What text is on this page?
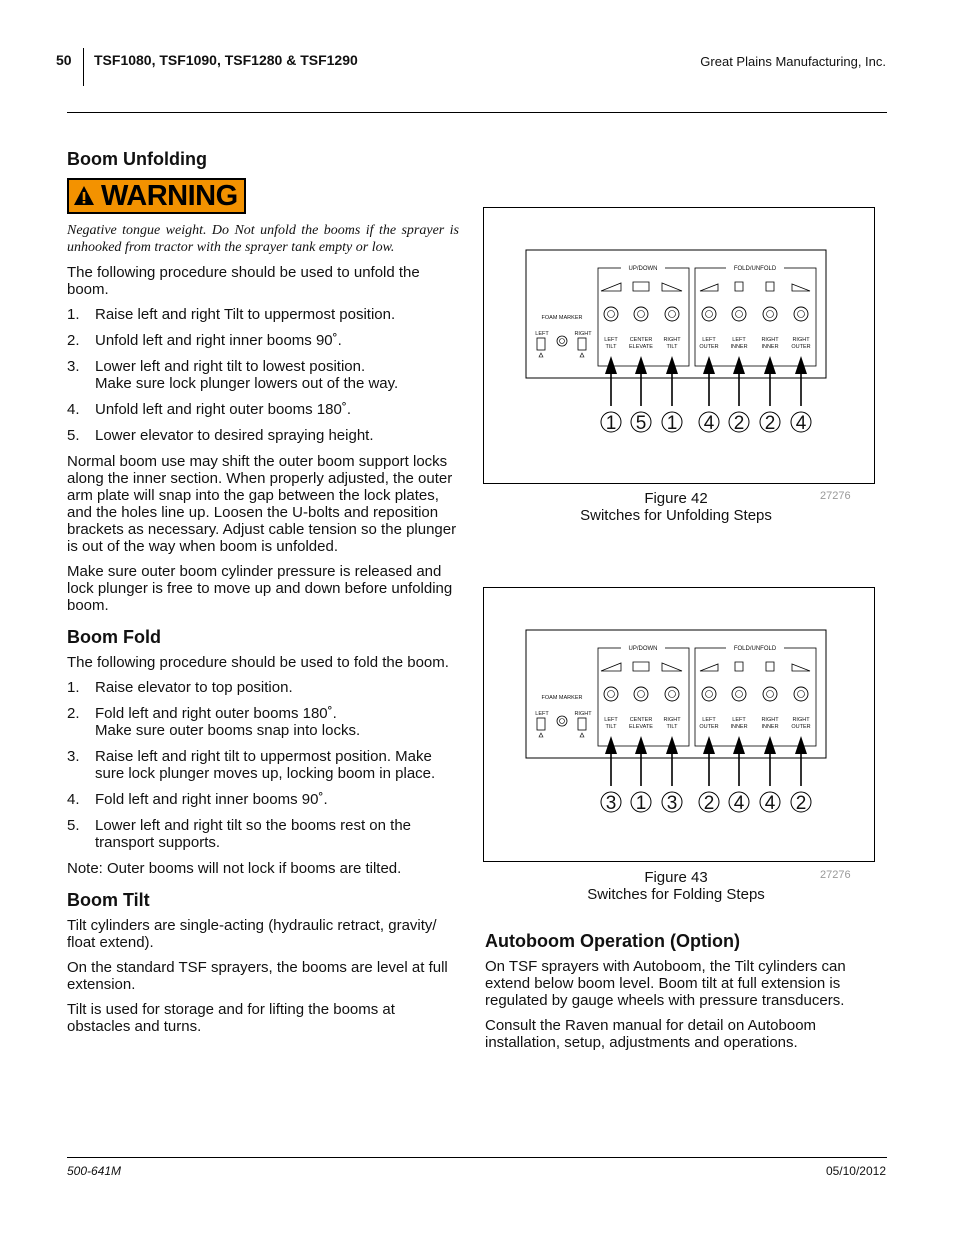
50 TSF1080, TSF1090, TSF1280 & TSF1290	Great Plains Manufacturing, Inc.
Boom Unfolding
WARNING
Negative tongue weight. Do Not unfold the booms if the sprayer is unhooked from tractor with the sprayer tank empty or low.

The following procedure should be used to unfold the boom.

1.	Raise left and right Tilt to uppermost position.
2.	Unfold left and right inner booms 90˚.
3.	Lower left and right tilt to lowest position.
Make sure lock plunger lowers out of the way.
4.	Unfold left and right outer booms 180˚.
5.	Lower elevator to desired spraying height.

Normal boom use may shift the outer boom support locks along the inner section. When properly adjusted, the outer arm plate will snap into the gap between the lock plates, and the holes line up. Loosen the U-bolts and reposition brackets as necessary. Adjust cable tension so the plunger is out of the way when boom is unfolded.

Make sure outer boom cylinder pressure is released and lock plunger is free to move up and down before unfolding boom.

Boom Fold

The following procedure should be used to fold the boom.

1.	Raise elevator to top position.
2.	Fold left and right outer booms 180˚.
Make sure outer booms snap into locks.
3.	Raise left and right tilt to uppermost position. Make sure lock plunger moves up, locking boom in place.
4.	Fold left and right inner booms 90˚.
5.	Lower left and right tilt so the booms rest on the transport supports.

Note: Outer booms will not lock if booms are tilted.

Boom Tilt

Tilt cylinders are single-acting (hydraulic retract, gravity/ float extend).

On the standard TSF sprayers, the booms are level at full extension.

Tilt is used for storage and for lifting the booms at obstacles and turns.

UP/DOWN	FOLD/UNFOLD
FOAM MARKER
LEFT	RIGHT
LEFT
TILT
1
CENTER
ELEVATE
5
RIGHT
TILT
1
LEFT
OUTER
4
LEFT
INNER
2
RIGHT
INNER
2
RIGHT
OUTER
4
Figure 42
Switches for Unfolding Steps
27276
UP/DOWN	FOLD/UNFOLD
FOAM MARKER
LEFT	RIGHT
LEFT
TILT
3
CENTER
ELEVATE
1
RIGHT
TILT
3
LEFT
OUTER
2
LEFT
INNER
4
RIGHT
INNER
4
RIGHT
OUTER
2
Figure 43
Switches for Folding Steps
27276
Autoboom Operation (Option)

On TSF sprayers with Autoboom, the Tilt cylinders can extend below boom level. Boom tilt at full extension is regulated by gauge wheels with pressure transducers.

Consult the Raven manual for detail on Autoboom installation, setup, adjustments and operations.

500-641M	05/10/2012
